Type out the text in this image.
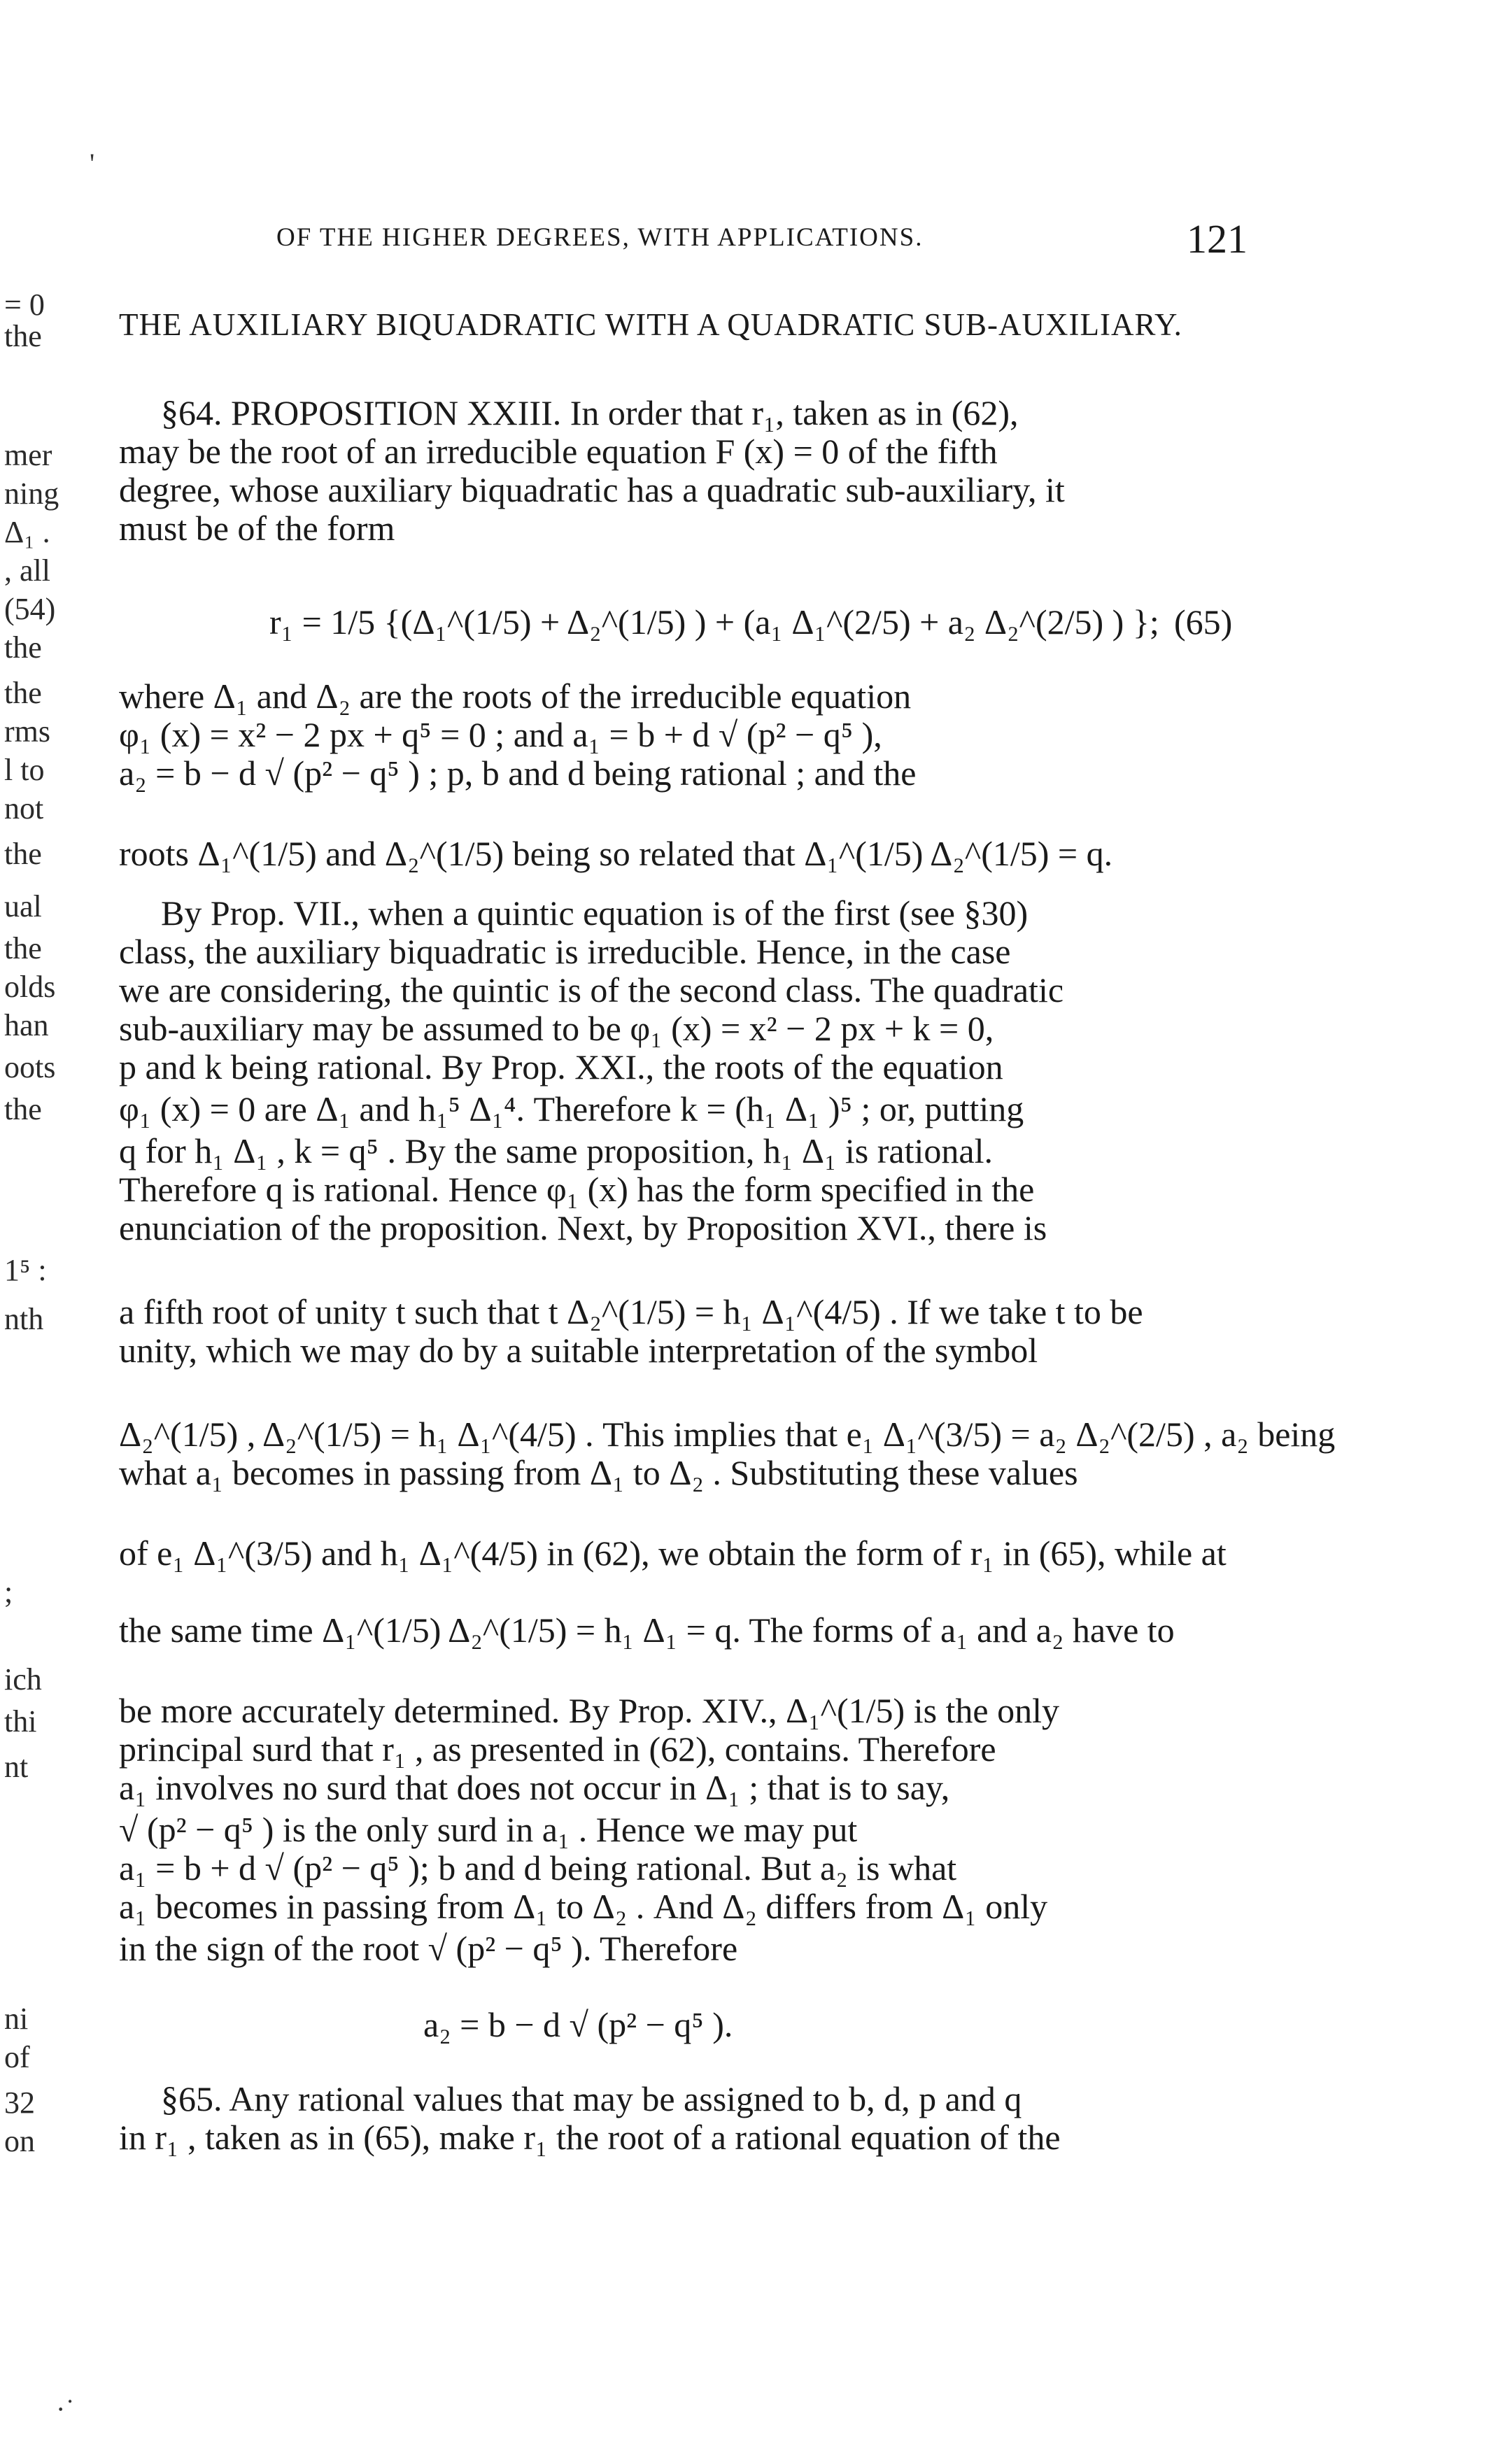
OF THE HIGHER DEGREES, WITH APPLICATIONS.	121
THE AUXILIARY BIQUADRATIC WITH A QUADRATIC SUB-AUXILIARY.
§64. PROPOSITION XXIII. In order that r₁, taken as in (62),
may be the root of an irreducible equation F (x) = 0 of the fifth
degree, whose auxiliary biquadratic has a quadratic sub-auxiliary, it
must be of the form
r₁ = 1/5 {(Δ₁^(1/5) + Δ₂^(1/5) ) + (a₁ Δ₁^(2/5) + a₂ Δ₂^(2/5) ) }; (65)
where Δ₁ and Δ₂ are the roots of the irreducible equation
φ₁ (x) = x² − 2 px + q⁵ = 0 ; and a₁ = b + d √ (p² − q⁵ ),
a₂ = b − d √ (p² − q⁵ ) ; p, b and d being rational ; and the
roots Δ₁^(1/5) and Δ₂^(1/5) being so related that Δ₁^(1/5) Δ₂^(1/5) = q.
By Prop. VII., when a quintic equation is of the first (see §30)
class, the auxiliary biquadratic is irreducible. Hence, in the case
we are considering, the quintic is of the second class. The quadratic
sub-auxiliary may be assumed to be φ₁ (x) = x² − 2 px + k = 0,
p and k being rational. By Prop. XXI., the roots of the equation
φ₁ (x) = 0 are Δ₁ and h₁⁵ Δ₁⁴. Therefore k = (h₁ Δ₁ )⁵ ; or, putting
q for h₁ Δ₁ , k = q⁵ . By the same proposition, h₁ Δ₁ is rational.
Therefore q is rational. Hence φ₁ (x) has the form specified in the
enunciation of the proposition. Next, by Proposition XVI., there is
a fifth root of unity t such that t Δ₂^(1/5) = h₁ Δ₁^(4/5) . If we take t to be
unity, which we may do by a suitable interpretation of the symbol
Δ₂^(1/5) , Δ₂^(1/5) = h₁ Δ₁^(4/5) . This implies that e₁ Δ₁^(3/5) = a₂ Δ₂^(2/5) , a₂ being
what a₁ becomes in passing from Δ₁ to Δ₂ . Substituting these values
of e₁ Δ₁^(3/5) and h₁ Δ₁^(4/5) in (62), we obtain the form of r₁ in (65), while at
the same time Δ₁^(1/5) Δ₂^(1/5) = h₁ Δ₁ = q. The forms of a₁ and a₂ have to
be more accurately determined. By Prop. XIV., Δ₁^(1/5) is the only
principal surd that r₁ , as presented in (62), contains. Therefore
a₁ involves no surd that does not occur in Δ₁ ; that is to say,
√ (p² − q⁵ ) is the only surd in a₁ . Hence we may put
a₁ = b + d √ (p² − q⁵ ); b and d being rational. But a₂ is what
a₁ becomes in passing from Δ₁ to Δ₂ . And Δ₂ differs from Δ₁ only
in the sign of the root √ (p² − q⁵ ). Therefore
a₂ = b − d √ (p² − q⁵ ).
§65. Any rational values that may be assigned to b, d, p and q
in r₁ , taken as in (65), make r₁ the root of a rational equation of the
= 0
the
mer
ning
Δ₁ .
, all
(54)
the
the
rms
l to
not
the
ual
the
olds
han
oots
the
1⁵ :
nth
;
ich
thi
nt
ni
of
32
on
'
·˙
